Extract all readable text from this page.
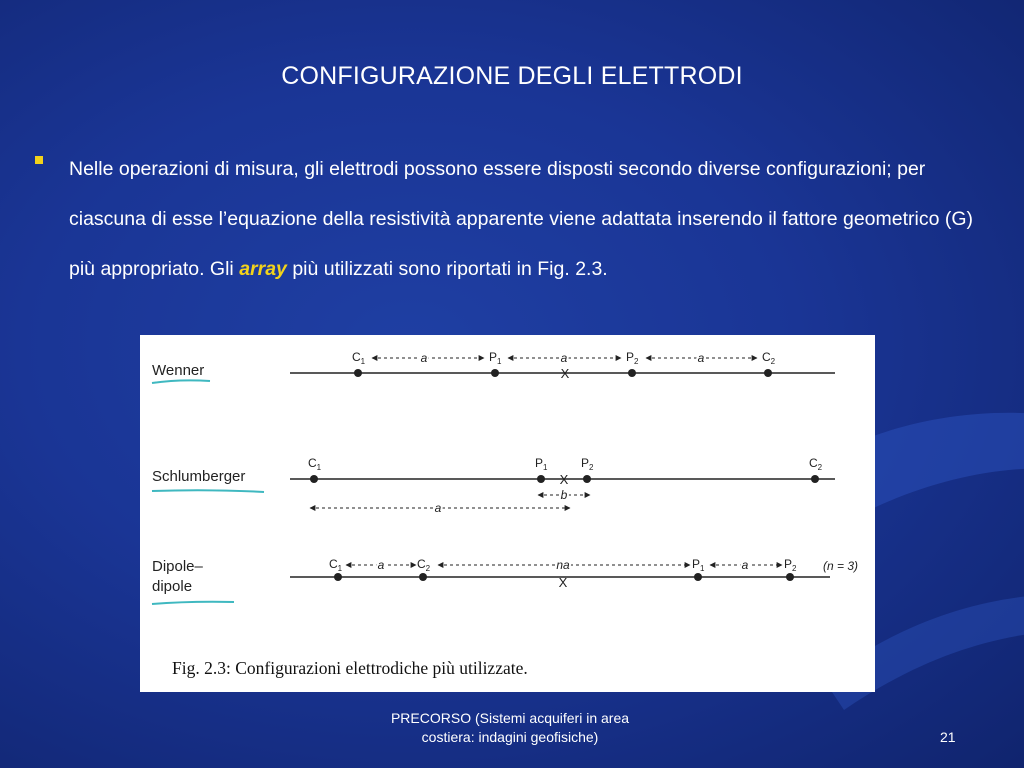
CONFIGURAZIONE DEGLI ELETTRODI
Nelle operazioni di misura, gli elettrodi possono essere disposti secondo diverse configurazioni; per ciascuna di esse l’equazione della resistività apparente viene adattata inserendo il fattore geometrico (G) più appropriato. Gli array più utilizzati sono riportati in Fig. 2.3.
Wenner
$C_1$	$P_1$	$P_2$	$C_2$
a	a	a
X
Schlumberger
$C_1$	$P_1$	$P_2$	$C_2$
X
b
a
Dipole–
dipole
$C_1$	$C_2$	$P_1$	$P_2$
a	na	a
X
(n = 3)
Fig. 2.3: Configurazioni elettrodiche più utilizzate.
PRECORSO (Sistemi acquiferi in area
costiera: indagini geofisiche)	21
